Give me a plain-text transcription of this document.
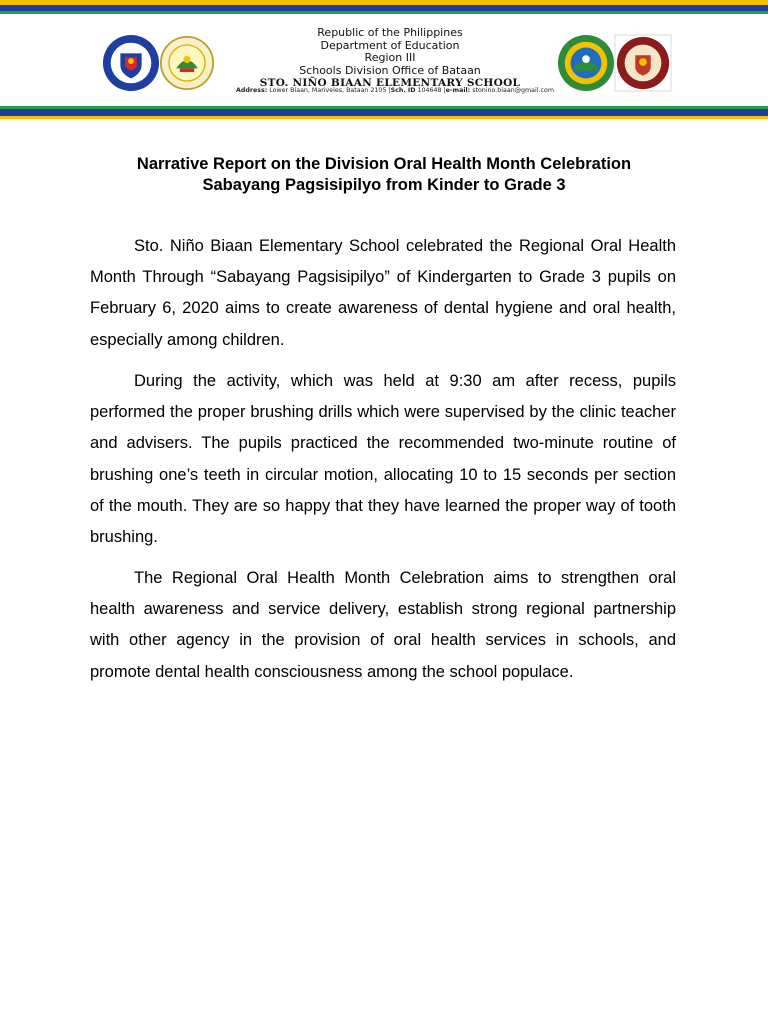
Republic of the Philippines
Department of Education
Region III
Schools Division Office of Bataan
STO. NIÑO BIAAN ELEMENTARY SCHOOL
Address: Lower Biaan, Mariveles, Bataan 2105 |Sch. ID 104648 |e-mail: stonino.biaan@gmail.com
Narrative Report on the Division Oral Health Month Celebration
Sabayang Pagsisipilyo from Kinder to Grade 3

Sto. Niño Biaan Elementary School celebrated the Regional Oral Health Month Through “Sabayang Pagsisipilyo” of Kindergarten to Grade 3 pupils on February 6, 2020 aims to create awareness of dental hygiene and oral health, especially among children.

During the activity, which was held at 9:30 am after recess, pupils performed the proper brushing drills which were supervised by the clinic teacher and advisers. The pupils practiced the recommended two-minute routine of brushing one’s teeth in circular motion, allocating 10 to 15 seconds per section of the mouth. They are so happy that they have learned the proper way of tooth brushing.

The Regional Oral Health Month Celebration aims to strengthen oral health awareness and service delivery, establish strong regional partnership with other agency in the provision of oral health services in schools, and promote dental health consciousness among the school populace.
